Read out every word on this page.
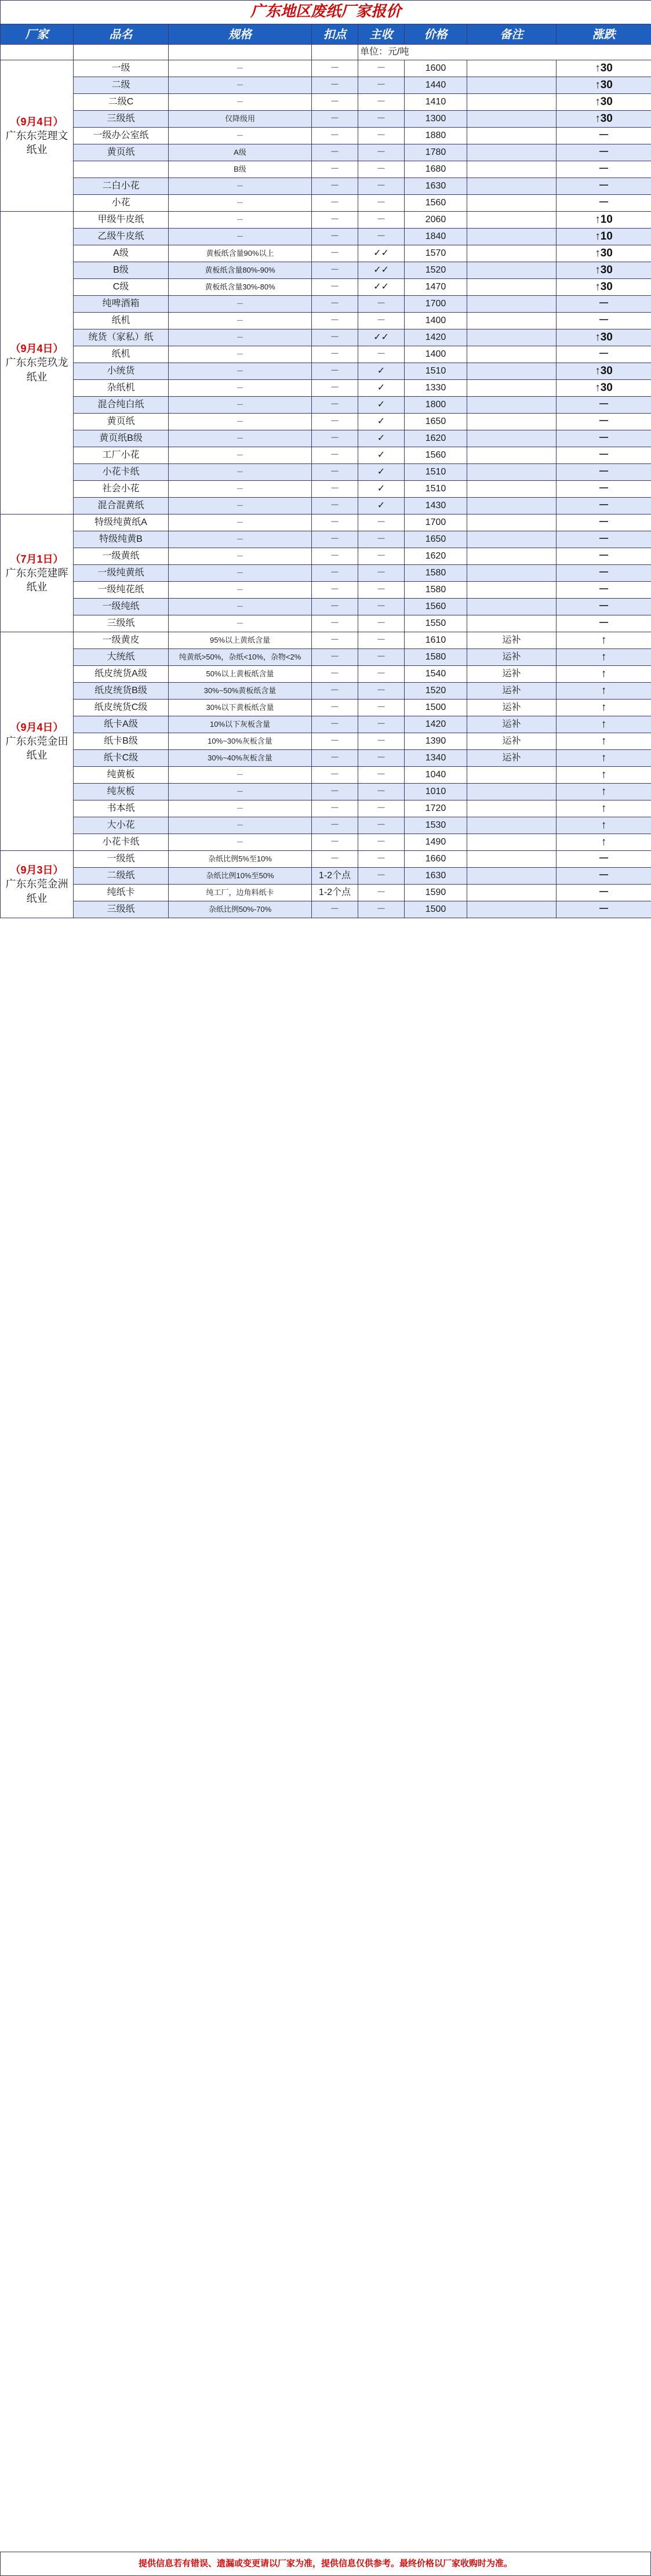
广东地区废纸厂家报价							
厂家	品名	规格	扣点	主收	价格	备注	涨跌
				单位：元/吨			

（9月4日）
广东东莞理文纸业	一级	－	－	－	1600		↑30
	二级	－	－	－	1440		↑30
	二级C	－	－	－	1410		↑30
	三级纸	仅降级用	－	－	1300		↑30
	一级办公室纸	－	－	－	1880		－
	黄页纸	A级	－	－	1780		－
		B级	－	－	1680		－
	二白小花	－	－	－	1630		－
	小花	－	－	－	1560		－

（9月4日）
广东东莞玖龙纸业	甲级牛皮纸	－	－	－	2060		↑10
	乙级牛皮纸	－	－	－	1840		↑10
	A级	黄板纸含量90%以上	－	✓✓	1570		↑30
	B级	黄板纸含量80%-90%	－	✓✓	1520		↑30
	C级	黄板纸含量30%-80%	－	✓✓	1470		↑30
	纯啤酒箱	－	－	－	1700		－
	纸机	－	－	－	1400		－
	统货（家私）纸	－	－	✓✓	1420		↑30
	纸机	－	－	－	1400		－
	小统货	－	－	✓	1510		↑30
	杂纸机	－	－	✓	1330		↑30
	混合纯白纸	－	－	✓	1800		－
	黄页纸	－	－	✓	1650		－
	黄页纸B级	－	－	✓	1620		－
	工厂小花	－	－	✓	1560		－
	小花卡纸	－	－	✓	1510		－
	社会小花	－	－	✓	1510		－
	混合混黄纸	－	－	✓	1430		－

（7月1日）
广东东莞建晖纸业	特级纯黄纸A	－	－	－	1700		－
	特级纯黄B	－	－	－	1650		－
	一级黄纸	－	－	－	1620		－
	一级纯黄纸	－	－	－	1580		－
	一级纯花纸	－	－	－	1580		－
	一级纯纸	－	－	－	1560		－
	三级纸	－	－	－	1550		－

（9月4日）
广东东莞金田纸业	一级黄皮	95%以上黄纸含量	－	－	1610	运补	↑
	大统纸	纯黄纸>50%，杂纸<10%，杂物<2%	－	－	1580	运补	↑
	纸皮统货A级	50%以上黄板纸含量	－	－	1540	运补	↑
	纸皮统货B级	30%~50%黄板纸含量	－	－	1520	运补	↑
	纸皮统货C级	30%以下黄板纸含量	－	－	1500	运补	↑
	纸卡A级	10%以下灰板含量	－	－	1420	运补	↑
	纸卡B级	10%~30%灰板含量	－	－	1390	运补	↑
	纸卡C级	30%~40%灰板含量	－	－	1340	运补	↑
	纯黄板	－	－	－	1040		↑
	纯灰板	－	－	－	1010		↑
	书本纸	－	－	－	1720		↑
	大小花	－	－	－	1530		↑
	小花卡纸	－	－	－	1490		↑

（9月3日）
广东东莞金洲纸业	一级纸	杂纸比例5%至10%	－	－	1660		－
	二级纸	杂纸比例10%至50%	1-2个点	－	1630		－
	纯纸卡	纯工厂，边角料纸卡	1-2个点	－	1590		－
	三级纸	杂纸比例50%-70%	－	－	1500		－
提供信息若有错误、遗漏或变更请以厂家为准，提供信息仅供参考。最终价格以厂家收购时为准。
